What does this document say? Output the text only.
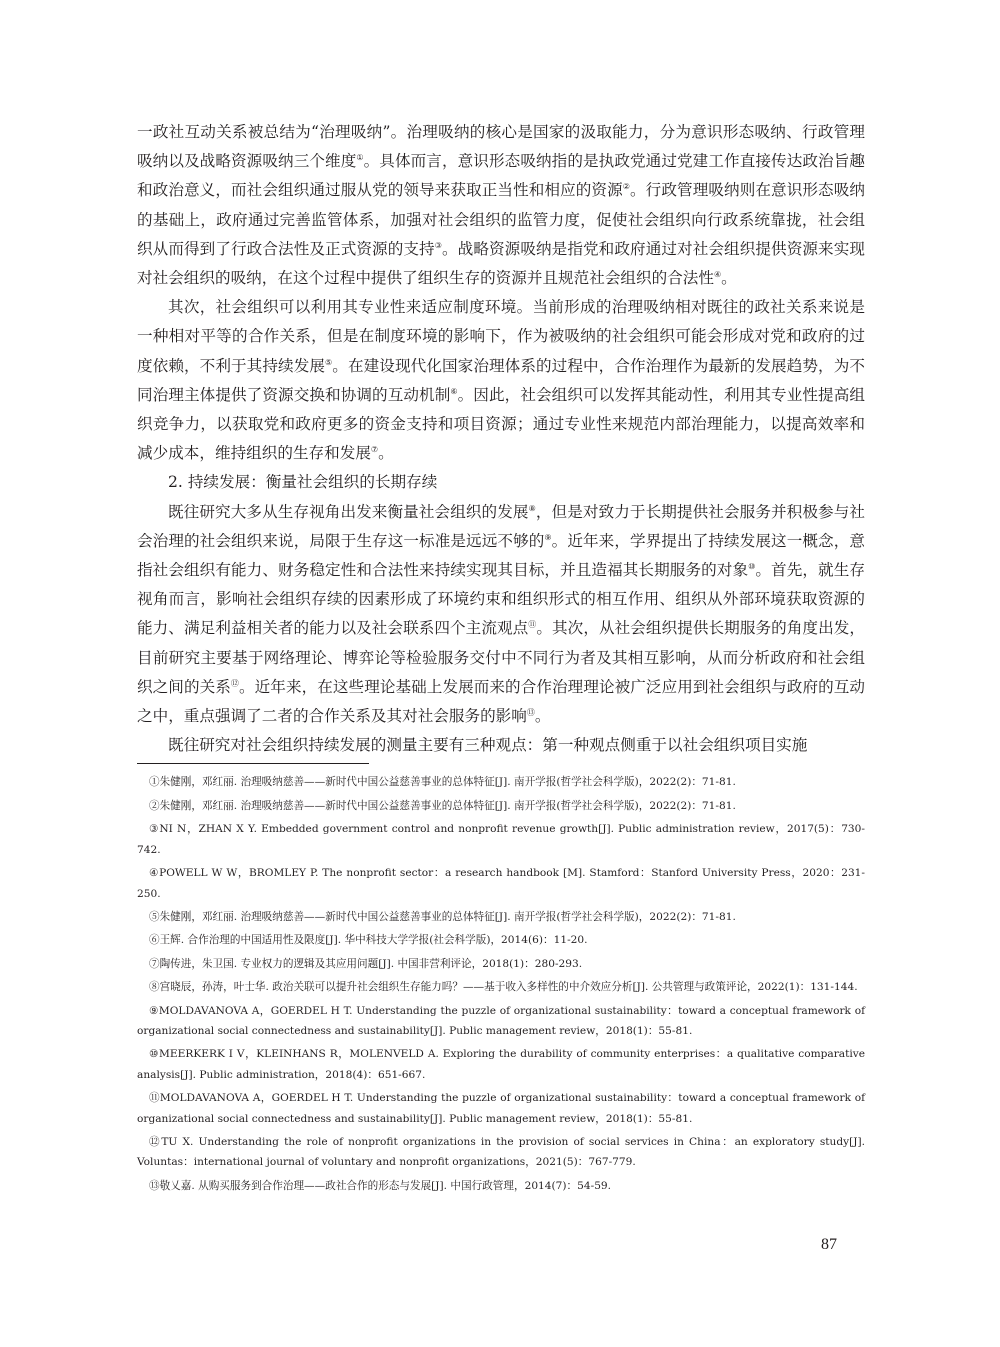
一政社互动关系被总结为“治理吸纳”。治理吸纳的核心是国家的汲取能力，分为意识形态吸纳、行政管理吸纳以及战略资源吸纳三个维度①。具体而言，意识形态吸纳指的是执政党通过党建工作直接传达政治旨趣和政治意义，而社会组织通过服从党的领导来获取正当性和相应的资源②。行政管理吸纳则在意识形态吸纳的基础上，政府通过完善监管体系，加强对社会组织的监管力度，促使社会组织向行政系统靠拢，社会组织从而得到了行政合法性及正式资源的支持③。战略资源吸纳是指党和政府通过对社会组织提供资源来实现对社会组织的吸纳，在这个过程中提供了组织生存的资源并且规范社会组织的合法性④。

其次，社会组织可以利用其专业性来适应制度环境。当前形成的治理吸纳相对既往的政社关系来说是一种相对平等的合作关系，但是在制度环境的影响下，作为被吸纳的社会组织可能会形成对党和政府的过度依赖，不利于其持续发展⑤。在建设现代化国家治理体系的过程中，合作治理作为最新的发展趋势，为不同治理主体提供了资源交换和协调的互动机制⑥。因此，社会组织可以发挥其能动性，利用其专业性提高组织竞争力，以获取党和政府更多的资金支持和项目资源；通过专业性来规范内部治理能力，以提高效率和减少成本，维持组织的生存和发展⑦。

2. 持续发展：衡量社会组织的长期存续

既往研究大多从生存视角出发来衡量社会组织的发展⑧，但是对致力于长期提供社会服务并积极参与社会治理的社会组织来说，局限于生存这一标准是远远不够的⑨。近年来，学界提出了持续发展这一概念，意指社会组织有能力、财务稳定性和合法性来持续实现其目标，并且造福其长期服务的对象⑩。首先，就生存视角而言，影响社会组织存续的因素形成了环境约束和组织形式的相互作用、组织从外部环境获取资源的能力、满足利益相关者的能力以及社会联系四个主流观点⑪。其次，从社会组织提供长期服务的角度出发，目前研究主要基于网络理论、博弈论等检验服务交付中不同行为者及其相互影响，从而分析政府和社会组织之间的关系⑫。近年来，在这些理论基础上发展而来的合作治理理论被广泛应用到社会组织与政府的互动之中，重点强调了二者的合作关系及其对社会服务的影响⑬。

既往研究对社会组织持续发展的测量主要有三种观点：第一种观点侧重于以社会组织项目实施

①朱健刚，邓红丽. 治理吸纳慈善——新时代中国公益慈善事业的总体特征[J]. 南开学报(哲学社会科学版)，2022(2)：71-81.

②朱健刚，邓红丽. 治理吸纳慈善——新时代中国公益慈善事业的总体特征[J]. 南开学报(哲学社会科学版)，2022(2)：71-81.

③NI N，ZHAN X Y. Embedded government control and nonprofit revenue growth[J]. Public administration review，2017(5)：730-742.

④POWELL W W，BROMLEY P. The nonprofit sector：a research handbook [M]. Stamford：Stanford University Press，2020：231-250.

⑤朱健刚，邓红丽. 治理吸纳慈善——新时代中国公益慈善事业的总体特征[J]. 南开学报(哲学社会科学版)，2022(2)：71-81.

⑥王辉. 合作治理的中国适用性及限度[J]. 华中科技大学学报(社会科学版)，2014(6)：11-20.

⑦陶传进，朱卫国. 专业权力的逻辑及其应用问题[J]. 中国非营利评论，2018(1)：280-293.

⑧宫晓辰，孙涛，叶士华. 政治关联可以提升社会组织生存能力吗？——基于收入多样性的中介效应分析[J]. 公共管理与政策评论，2022(1)：131-144.

⑨MOLDAVANOVA A，GOERDEL H T. Understanding the puzzle of organizational sustainability：toward a conceptual framework of organizational social connectedness and sustainability[J]. Public management review，2018(1)：55-81.

⑩MEERKERK I V，KLEINHANS R，MOLENVELD A. Exploring the durability of community enterprises：a qualitative comparative analysis[J]. Public administration，2018(4)：651-667.

⑪MOLDAVANOVA A，GOERDEL H T. Understanding the puzzle of organizational sustainability：toward a conceptual framework of organizational social connectedness and sustainability[J]. Public management review，2018(1)：55-81.

⑫TU X. Understanding the role of nonprofit organizations in the provision of social services in China：an exploratory study[J]. Voluntas：international journal of voluntary and nonprofit organizations，2021(5)：767-779.

⑬敬乂嘉. 从购买服务到合作治理——政社合作的形态与发展[J]. 中国行政管理，2014(7)：54-59.

87
